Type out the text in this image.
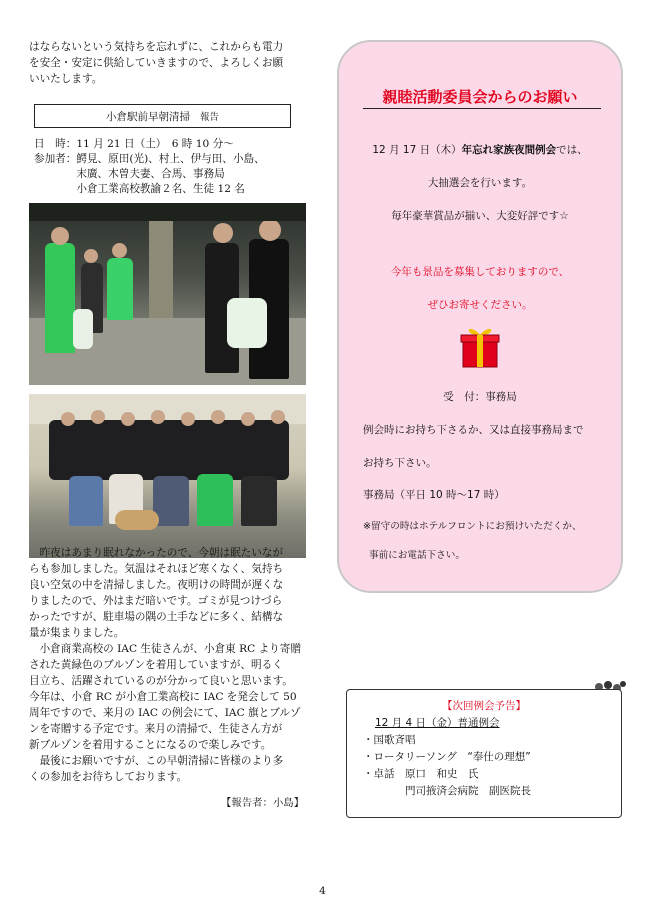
はならないという気持ちを忘れずに、これからも電力
を安全・安定に供給していきますので、よろしくお願
いいたします。
小倉駅前早朝清掃 報告
日　時：11 月 21 日（土）　6 時 10 分～
参加者：鰐見、原田(光)、村上、伊与田、小島、
　　　　末廣、木曽夫妻、合馬、事務局
　　　　小倉工業高校教諭２名、生徒 12 名
　昨夜はあまり眠れなかったので、今朝は眠たいなが
らも参加しました。気温はそれほど寒くなく、気持ち
良い空気の中を清掃しました。夜明けの時間が遅くな
りましたので、外はまだ暗いです。ゴミが見つけづら
かったですが、駐車場の隅の土手などに多く、結構な
量が集まりました。
　小倉商業高校の IAC 生徒さんが、小倉東 RC より寄贈
された黄緑色のブルゾンを着用していますが、明るく
目立ち、活躍されているのが分かって良いと思います。
今年は、小倉 RC が小倉工業高校に IAC を発会して 50
周年ですので、来月の IAC の例会にて、IAC 旗とブルゾ
ンを寄贈する予定です。来月の清掃で、生徒さん方が
新ブルゾンを着用することになるので楽しみです。
　最後にお願いですが、この早朝清掃に皆様のより多
くの参加をお待ちしております。
【報告者：小島】
親睦活動委員会からのお願い
12 月 17 日（木）年忘れ家族夜間例会では、
大抽選会を行います。
毎年豪華賞品が揃い、大変好評です☆
今年も景品を募集しておりますので、
ぜひお寄せください。
受　付：事務局
例会時にお持ち下さるか、又は直接事務局まで
お持ち下さい。
事務局（平日 10 時～17 時）
※留守の時はホテルフロントにお預けいただくか、
事前にお電話下さい。
【次回例会予告】
12 月 4 日（金）普通例会
・国歌斉唱
・ロータリーソング　“奉仕の理想”
・卓話　原口　和史　氏
門司掖済会病院　副医院長
4
